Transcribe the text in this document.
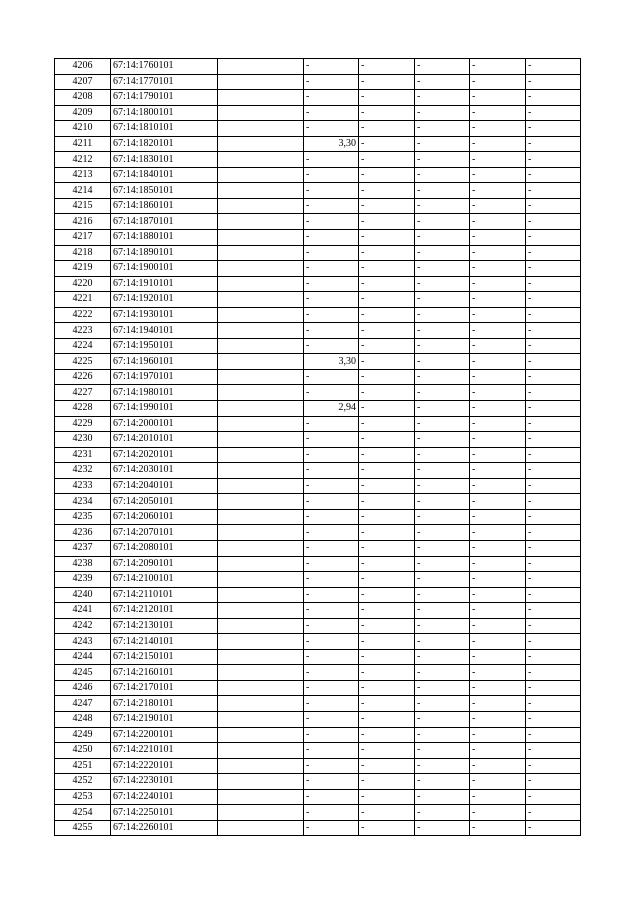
4206	67:14:1760101		-	-	-	-	-
4207	67:14:1770101		-	-	-	-	-
4208	67:14:1790101		-	-	-	-	-
4209	67:14:1800101		-	-	-	-	-
4210	67:14:1810101		-	-	-	-	-
4211	67:14:1820101		3,30	-	-	-	-
4212	67:14:1830101		-	-	-	-	-
4213	67:14:1840101		-	-	-	-	-
4214	67:14:1850101		-	-	-	-	-
4215	67:14:1860101		-	-	-	-	-
4216	67:14:1870101		-	-	-	-	-
4217	67:14:1880101		-	-	-	-	-
4218	67:14:1890101		-	-	-	-	-
4219	67:14:1900101		-	-	-	-	-
4220	67:14:1910101		-	-	-	-	-
4221	67:14:1920101		-	-	-	-	-
4222	67:14:1930101		-	-	-	-	-
4223	67:14:1940101		-	-	-	-	-
4224	67:14:1950101		-	-	-	-	-
4225	67:14:1960101		3,30	-	-	-	-
4226	67:14:1970101		-	-	-	-	-
4227	67:14:1980101		-	-	-	-	-
4228	67:14:1990101		2,94	-	-	-	-
4229	67:14:2000101		-	-	-	-	-
4230	67:14:2010101		-	-	-	-	-
4231	67:14:2020101		-	-	-	-	-
4232	67:14:2030101		-	-	-	-	-
4233	67:14:2040101		-	-	-	-	-
4234	67:14:2050101		-	-	-	-	-
4235	67:14:2060101		-	-	-	-	-
4236	67:14:2070101		-	-	-	-	-
4237	67:14:2080101		-	-	-	-	-
4238	67:14:2090101		-	-	-	-	-
4239	67:14:2100101		-	-	-	-	-
4240	67:14:2110101		-	-	-	-	-
4241	67:14:2120101		-	-	-	-	-
4242	67:14:2130101		-	-	-	-	-
4243	67:14:2140101		-	-	-	-	-
4244	67:14:2150101		-	-	-	-	-
4245	67:14:2160101		-	-	-	-	-
4246	67:14:2170101		-	-	-	-	-
4247	67:14:2180101		-	-	-	-	-
4248	67:14:2190101		-	-	-	-	-
4249	67:14:2200101		-	-	-	-	-
4250	67:14:2210101		-	-	-	-	-
4251	67:14:2220101		-	-	-	-	-
4252	67:14:2230101		-	-	-	-	-
4253	67:14:2240101		-	-	-	-	-
4254	67:14:2250101		-	-	-	-	-
4255	67:14:2260101		-	-	-	-	-
